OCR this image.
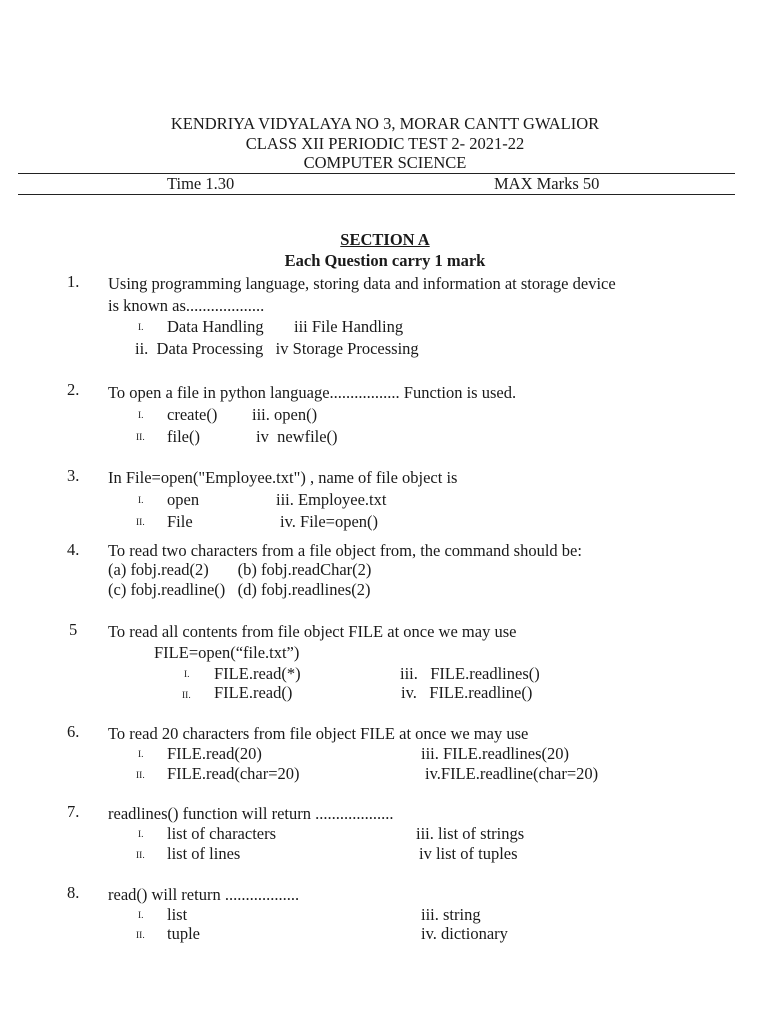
KENDRIYA VIDYALAYA NO 3, MORAR CANTT GWALIOR
CLASS XII PERIODIC TEST 2- 2021-22
COMPUTER SCIENCE
Time 1.30	MAX Marks 50
SECTION A
Each Question carry 1 mark
1. Using programming language, storing data and information at storage device
is known as...................
I. Data Handling iii File Handling
ii.  Data Processing   iv Storage Processing
2. To open a file in python language................. Function is used.
I. create() iii. open()
II. file()	iv  newfile()
3. In File=open("Employee.txt") , name of file object is
I. open	iii. Employee.txt
II. File	iv. File=open()
4. To read two characters from a file object from, the command should be:
(a) fobj.read(2)       (b) fobj.readChar(2)
(c) fobj.readline()   (d) fobj.readlines(2)
5 To read all contents from file object FILE at once we may use
FILE=open(“file.txt”)
I. FILE.read(*)	iii.   FILE.readlines()
II. FILE.read()	iv.   FILE.readline()
6. To read 20 characters from file object FILE at once we may use
I. FILE.read(20)	iii. FILE.readlines(20)
II. FILE.read(char=20)	iv.FILE.readline(char=20)
7. readlines() function will return ...................
I. list of characters	iii. list of strings
II. list of lines	iv list of tuples
8. read() will return ..................
I. list	iii. string
II. tuple	iv. dictionary
